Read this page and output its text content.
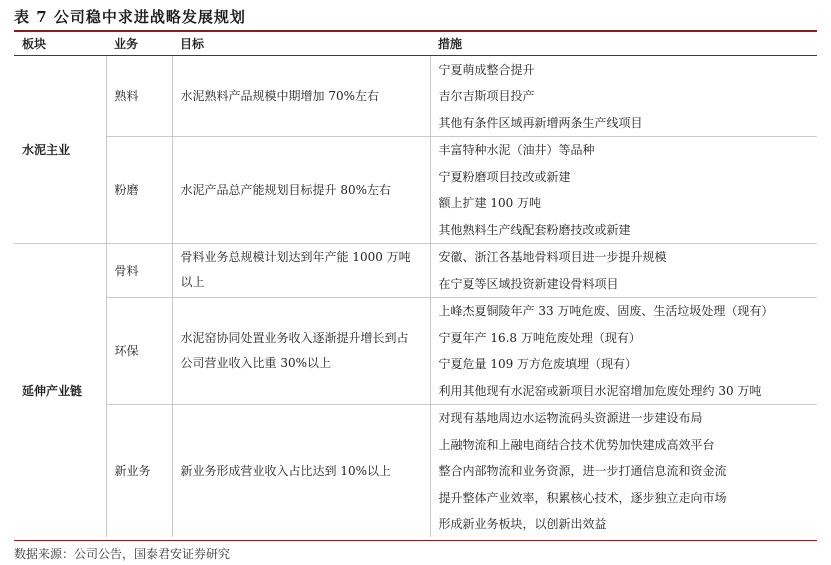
表 7 公司稳中求进战略发展规划
板块	业务	目标	措施
水泥主业	熟料	水泥熟料产品规模中期增加 70%左右	宁夏萌成整合提升
			吉尔吉斯项目投产
			其他有条件区域再新增两条生产线项目
	粉磨	水泥产品总产能规划目标提升 80%左右	丰富特种水泥（油井）等品种
			宁夏粉磨项目技改或新建
			额上扩建 100 万吨
			其他熟料生产线配套粉磨技改或新建
延伸产业链	骨料	骨料业务总规模计划达到年产能 1000 万吨以上	安徽、浙江各基地骨料项目进一步提升规模
			在宁夏等区域投资新建设骨料项目
	环保	水泥窑协同处置业务收入逐渐提升增长到占公司营业收入比重 30%以上	上峰杰夏铜陵年产 33 万吨危废、固废、生活垃圾处理（现有）
			宁夏年产 16.8 万吨危废处理（现有）
			宁夏危量 109 万方危废填埋（现有）
			利用其他现有水泥窑或新项目水泥窑增加危废处理约 30 万吨
	新业务	新业务形成营业收入占比达到 10%以上	对现有基地周边水运物流码头资源进一步建设布局
			上融物流和上融电商结合技术优势加快建成高效平台
			整合内部物流和业务资源，进一步打通信息流和资金流
			提升整体产业效率，积累核心技术，逐步独立走向市场
			形成新业务板块，以创新出效益
数据来源：公司公告，国泰君安证券研究
